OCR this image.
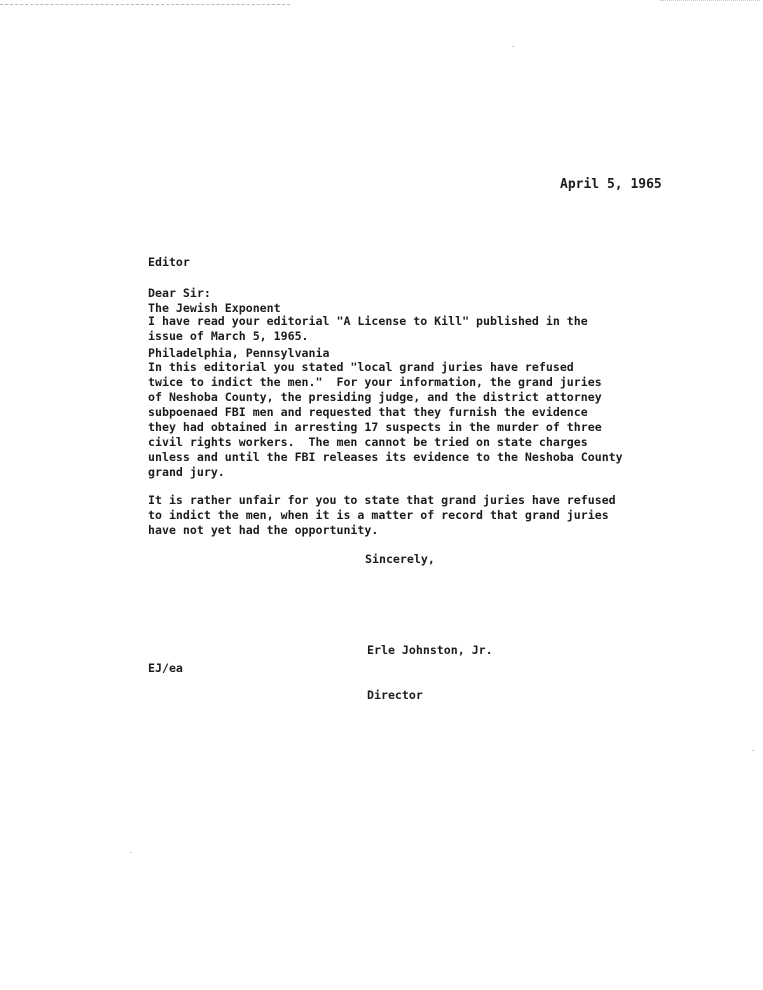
April 5, 1965

Editor

The Jewish Exponent

Philadelphia, Pennsylvania

Dear Sir:
I have read your editorial "A License to Kill" published in the
issue of March 5, 1965.
In this editorial you stated "local grand juries have refused
twice to indict the men."  For your information, the grand juries
of Neshoba County, the presiding judge, and the district attorney
subpoenaed FBI men and requested that they furnish the evidence
they had obtained in arresting 17 suspects in the murder of three
civil rights workers.  The men cannot be tried on state charges
unless and until the FBI releases its evidence to the Neshoba County
grand jury.
It is rather unfair for you to state that grand juries have refused
to indict the men, when it is a matter of record that grand juries
have not yet had the opportunity.
Sincerely,

Erle Johnston, Jr.

Director

EJ/ea
